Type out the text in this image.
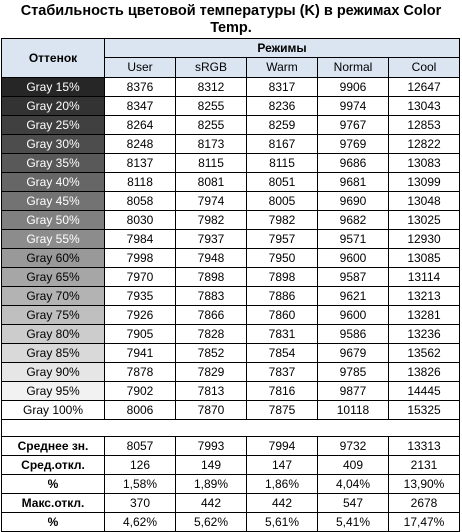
Стабильность цветовой температуры (K) в режимах Color Temp.
Оттенок	Режимы				
	User	sRGB	Warm	Normal	Cool
Gray 15%	8376	8312	8317	9906	12647
Gray 20%	8347	8255	8236	9974	13043
Gray 25%	8264	8255	8259	9767	12853
Gray 30%	8248	8173	8167	9769	12822
Gray 35%	8137	8115	8115	9686	13083
Gray 40%	8118	8081	8051	9681	13099
Gray 45%	8058	7974	8005	9690	13048
Gray 50%	8030	7982	7982	9682	13025
Gray 55%	7984	7937	7957	9571	12930
Gray 60%	7998	7948	7950	9600	13085
Gray 65%	7970	7898	7898	9587	13114
Gray 70%	7935	7883	7886	9621	13213
Gray 75%	7926	7866	7860	9600	13281
Gray 80%	7905	7828	7831	9586	13236
Gray 85%	7941	7852	7854	9679	13562
Gray 90%	7878	7829	7837	9785	13826
Gray 95%	7902	7813	7816	9877	14445
Gray 100%	8006	7870	7875	10118	15325

Среднее зн.	8057	7993	7994	9732	13313
Сред.откл.	126	149	147	409	2131
%	1,58%	1,89%	1,86%	4,04%	13,90%
Макс.откл.	370	442	442	547	2678
%	4,62%	5,62%	5,61%	5,41%	17,47%
